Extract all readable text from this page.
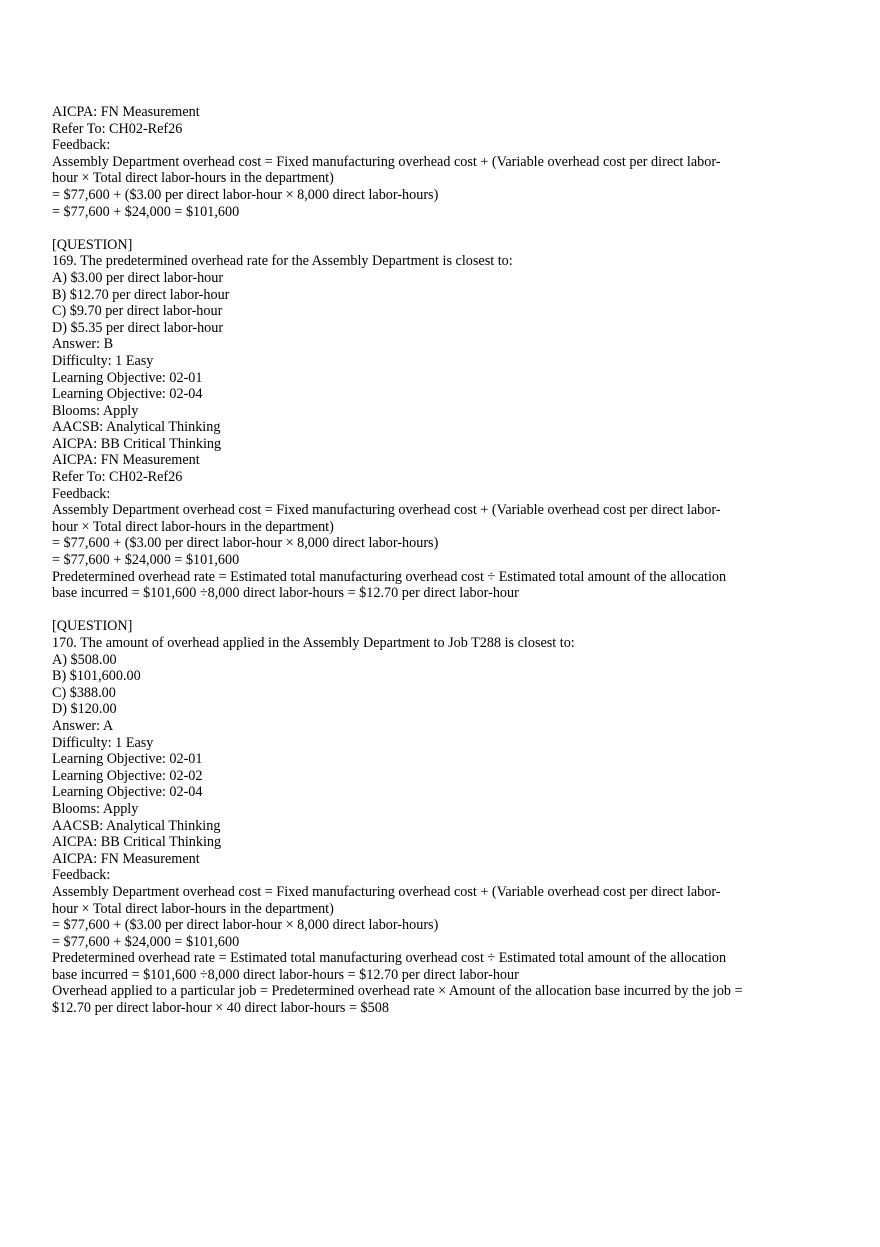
AICPA: FN Measurement

Refer To: CH02-Ref26

Feedback:

Assembly Department overhead cost = Fixed manufacturing overhead cost + (Variable overhead cost per direct labor-

hour × Total direct labor-hours in the department)

= $77,600 + ($3.00 per direct labor-hour × 8,000 direct labor-hours)

= $77,600 + $24,000 = $101,600

[QUESTION]

169. The predetermined overhead rate for the Assembly Department is closest to:

A) $3.00 per direct labor-hour

B) $12.70 per direct labor-hour

C) $9.70 per direct labor-hour

D) $5.35 per direct labor-hour

Answer: B

Difficulty: 1 Easy

Learning Objective: 02-01

Learning Objective: 02-04

Blooms: Apply

AACSB: Analytical Thinking

AICPA: BB Critical Thinking

AICPA: FN Measurement

Refer To: CH02-Ref26

Feedback:

Assembly Department overhead cost = Fixed manufacturing overhead cost + (Variable overhead cost per direct labor-

hour × Total direct labor-hours in the department)

= $77,600 + ($3.00 per direct labor-hour × 8,000 direct labor-hours)

= $77,600 + $24,000 = $101,600

Predetermined overhead rate = Estimated total manufacturing overhead cost ÷ Estimated total amount of the allocation

base incurred = $101,600 ÷8,000 direct labor-hours = $12.70 per direct labor-hour

[QUESTION]

170. The amount of overhead applied in the Assembly Department to Job T288 is closest to:

A) $508.00

B) $101,600.00

C) $388.00

D) $120.00

Answer: A

Difficulty: 1 Easy

Learning Objective: 02-01

Learning Objective: 02-02

Learning Objective: 02-04

Blooms: Apply

AACSB: Analytical Thinking

AICPA: BB Critical Thinking

AICPA: FN Measurement

Feedback:

Assembly Department overhead cost = Fixed manufacturing overhead cost + (Variable overhead cost per direct labor-

hour × Total direct labor-hours in the department)

= $77,600 + ($3.00 per direct labor-hour × 8,000 direct labor-hours)

= $77,600 + $24,000 = $101,600

Predetermined overhead rate = Estimated total manufacturing overhead cost ÷ Estimated total amount of the allocation

base incurred = $101,600 ÷8,000 direct labor-hours = $12.70 per direct labor-hour

Overhead applied to a particular job = Predetermined overhead rate × Amount of the allocation base incurred by the job =

$12.70 per direct labor-hour × 40 direct labor-hours = $508
